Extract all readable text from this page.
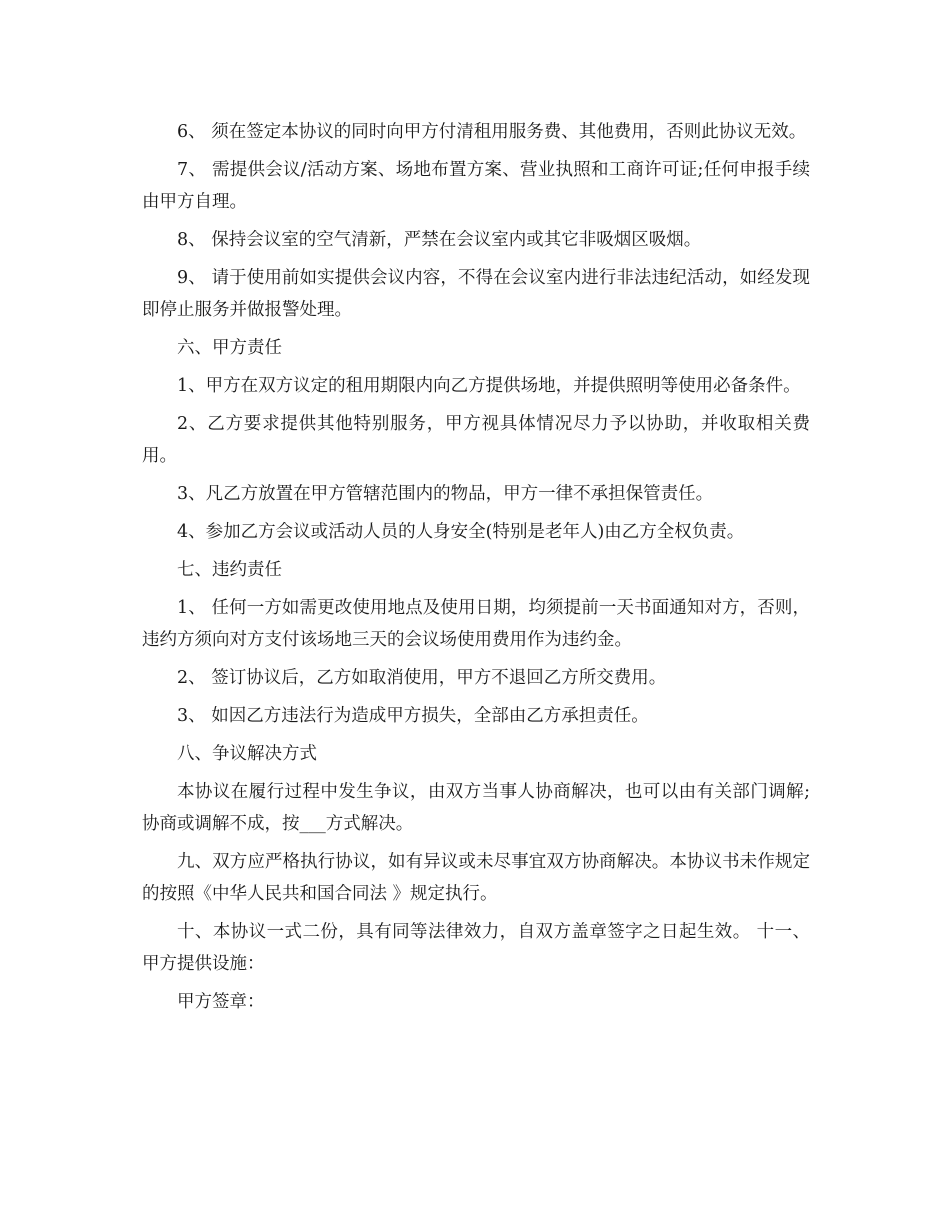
6、 须在签定本协议的同时向甲方付清租用服务费、其他费用，否则此协议无效。

7、 需提供会议/活动方案、场地布置方案、营业执照和工商许可证;任何申报手续由甲方自理。

8、 保持会议室的空气清新，严禁在会议室内或其它非吸烟区吸烟。

9、 请于使用前如实提供会议内容，不得在会议室内进行非法违纪活动，如经发现即停止服务并做报警处理。

六、甲方责任

1、甲方在双方议定的租用期限内向乙方提供场地，并提供照明等使用必备条件。

2、乙方要求提供其他特别服务，甲方视具体情况尽力予以协助，并收取相关费用。

3、凡乙方放置在甲方管辖范围内的物品，甲方一律不承担保管责任。

4、参加乙方会议或活动人员的人身安全(特别是老年人)由乙方全权负责。

七、违约责任

1、 任何一方如需更改使用地点及使用日期，均须提前一天书面通知对方，否则，违约方须向对方支付该场地三天的会议场使用费用作为违约金。

2、 签订协议后，乙方如取消使用，甲方不退回乙方所交费用。

3、 如因乙方违法行为造成甲方损失，全部由乙方承担责任。

八、争议解决方式

本协议在履行过程中发生争议，由双方当事人协商解决，也可以由有关部门调解;协商或调解不成，按___方式解决。

九、双方应严格执行协议，如有异议或未尽事宜双方协商解决。本协议书未作规定的按照《中华人民共和国合同法 》规定执行。

十、本协议一式二份，具有同等法律效力，自双方盖章签字之日起生效。 十一、甲方提供设施：

甲方签章：
